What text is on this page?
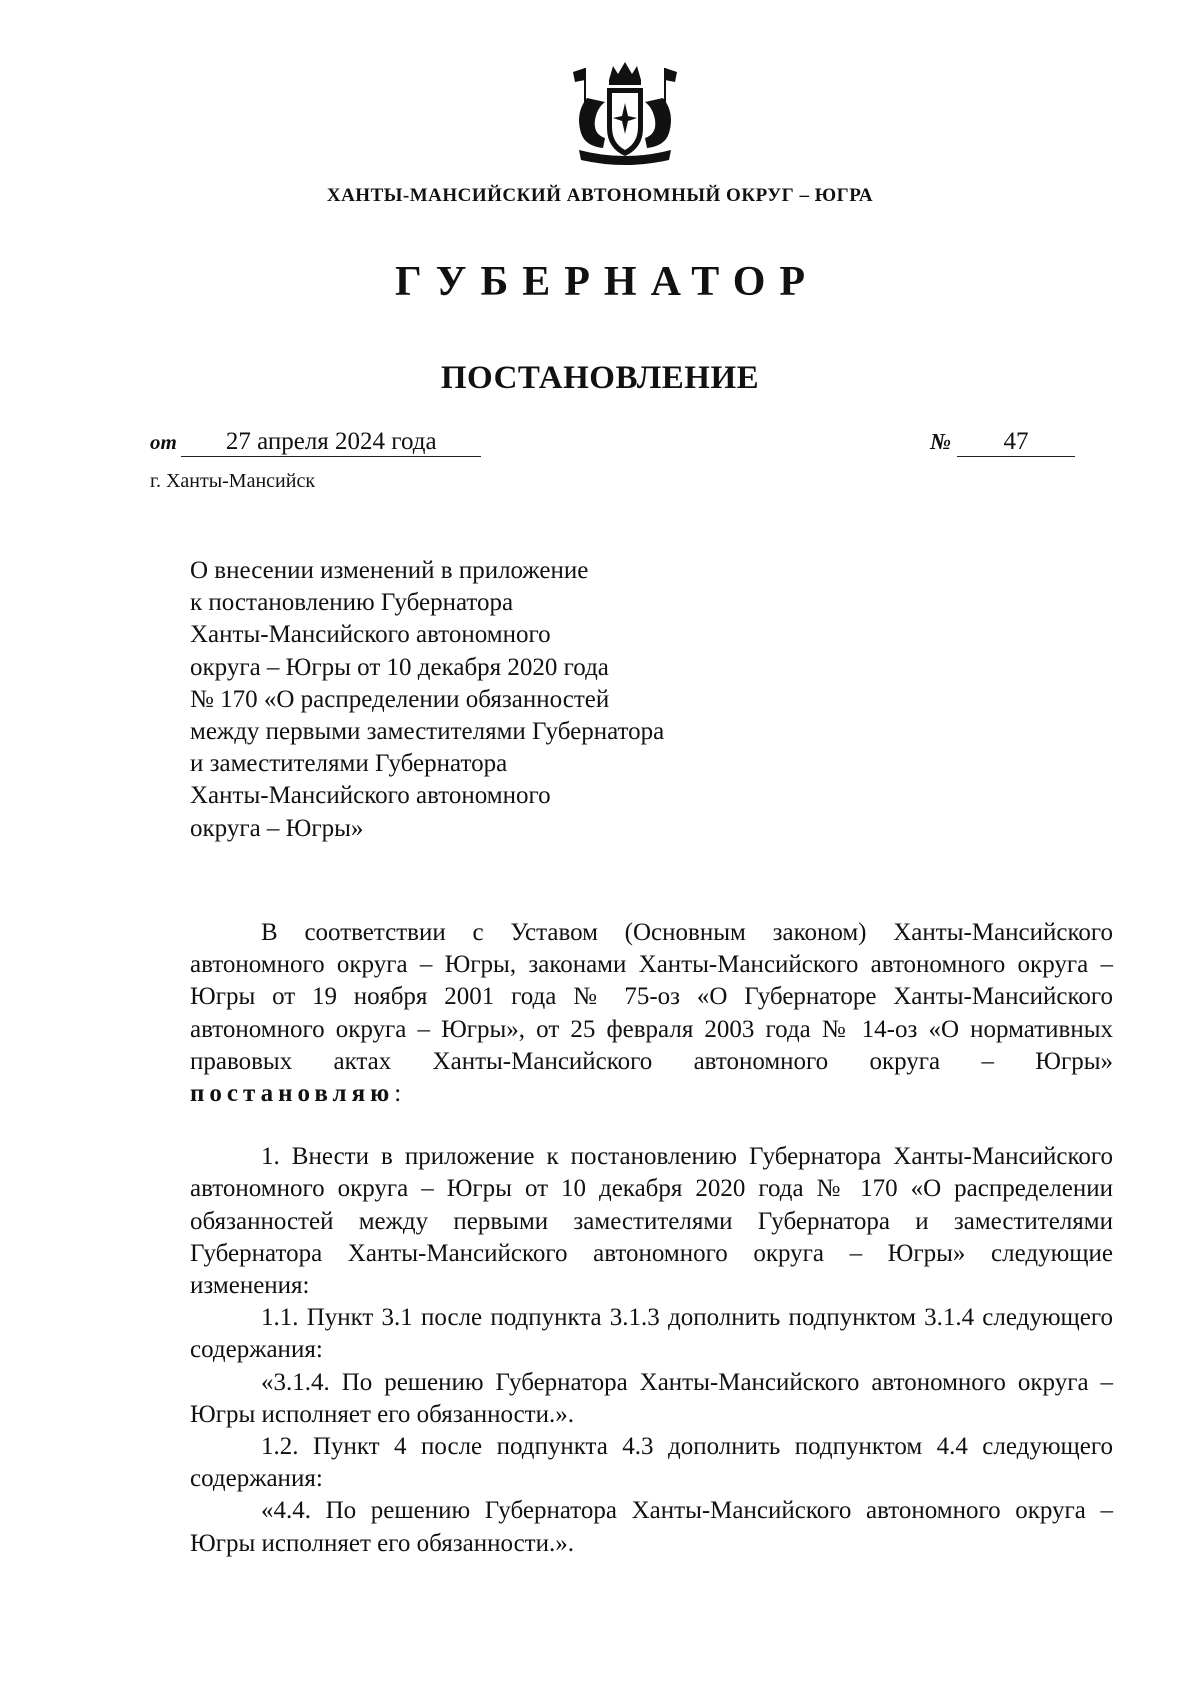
ХАНТЫ-МАНСИЙСКИЙ АВТОНОМНЫЙ ОКРУГ – ЮГРА
ГУБЕРНАТОР
ПОСТАНОВЛЕНИЕ
от 27 апреля 2024 года	№ 47
г. Ханты-Мансийск
О внесении изменений в приложение
к постановлению Губернатора
Ханты-Мансийского автономного
округа – Югры от 10 декабря 2020 года
№ 170 «О распределении обязанностей
между первыми заместителями Губернатора
и заместителями Губернатора
Ханты-Мансийского автономного
округа – Югры»

В соответствии с Уставом (Основным законом) Ханты-Мансийского автономного округа – Югры, законами Ханты-Мансийского автономного округа – Югры от 19 ноября 2001 года № 75-оз «О Губернаторе Ханты-Мансийского автономного округа – Югры», от 25 февраля 2003 года № 14-оз «О нормативных правовых актах Ханты-Мансийского автономного округа – Югры» постановляю:

1. Внести в приложение к постановлению Губернатора Ханты-Мансийского автономного округа – Югры от 10 декабря 2020 года № 170 «О распределении обязанностей между первыми заместителями Губернатора и заместителями Губернатора Ханты-Мансийского автономного округа – Югры» следующие изменения:

1.1. Пункт 3.1 после подпункта 3.1.3 дополнить подпунктом 3.1.4 следующего содержания:

«3.1.4. По решению Губернатора Ханты-Мансийского автономного округа – Югры исполняет его обязанности.».

1.2. Пункт 4 после подпункта 4.3 дополнить подпунктом 4.4 следующего содержания:

«4.4. По решению Губернатора Ханты-Мансийского автономного округа – Югры исполняет его обязанности.».
